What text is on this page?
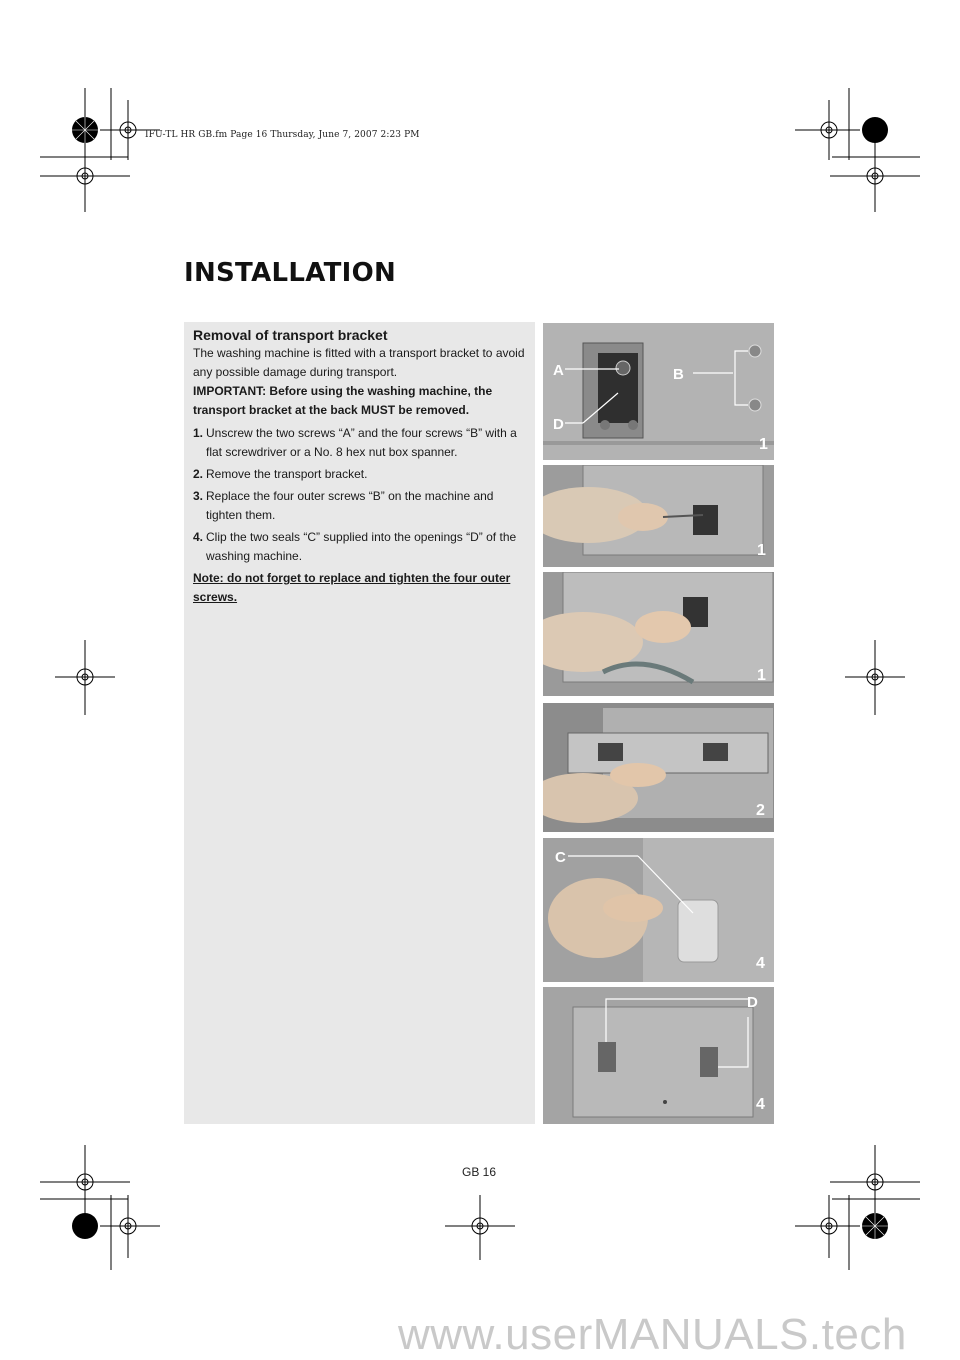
IFU-TL HR GB.fm Page 16 Thursday, June 7, 2007 2:23 PM
INSTALLATION
Removal of transport bracket

The washing machine is fitted with a transport bracket to avoid any possible damage during transport.

IMPORTANT: Before using the washing machine, the transport bracket at the back MUST be removed.

1. Unscrew the two screws “A” and the four screws “B” with a flat screwdriver or a No. 8 hex nut box spanner.
2. Remove the transport bracket.
3. Replace the four outer screws “B” on the machine and tighten them.
4. Clip the two seals “C” supplied into the openings “D” of the washing machine.

Note: do not forget to replace and tighten the four outer screws.

A	B
D
1
1
1
2
C
4
D
4
GB 16
www.userMANUALS.tech
